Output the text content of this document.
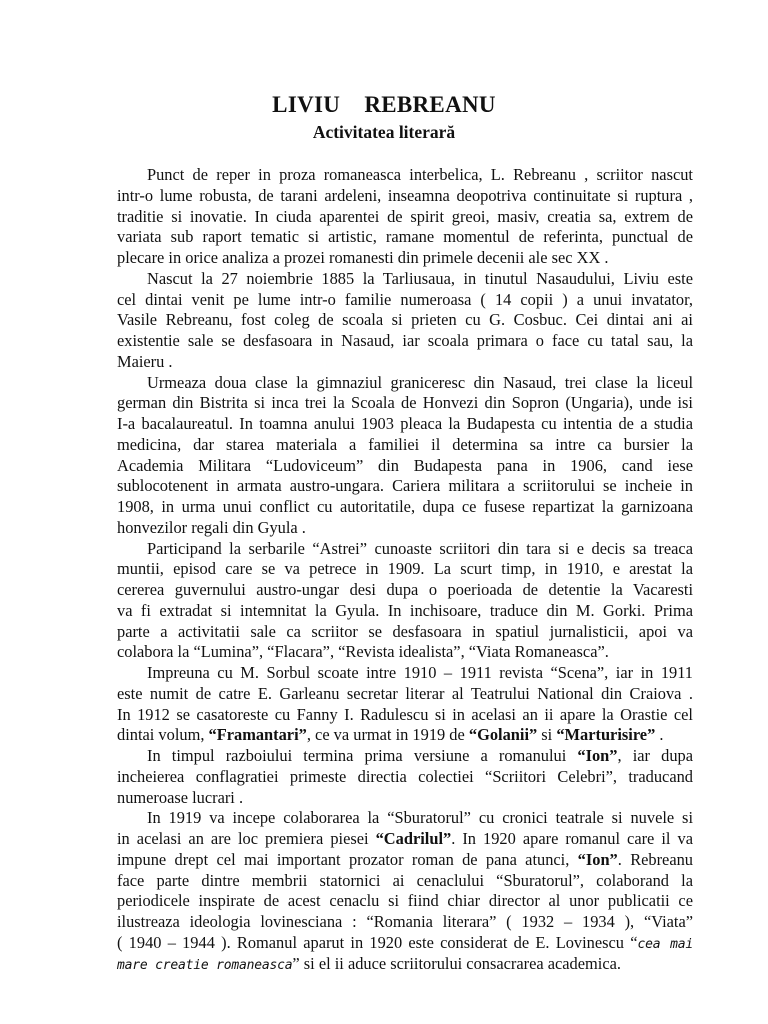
LIVIU    REBREANU
Activitatea literară
Punct de reper in proza romaneasca interbelica, L. Rebreanu , scriitor nascut
intr-o lume robusta, de tarani ardeleni, inseamna deopotriva continuitate si ruptura ,
traditie si inovatie. In ciuda aparentei de spirit greoi, masiv, creatia sa, extrem de
variata sub raport tematic si artistic, ramane momentul de referinta, punctual de
plecare in orice analiza a prozei romanesti din primele decenii ale sec XX .
Nascut la 27 noiembrie 1885 la Tarliusaua, in tinutul Nasaudului, Liviu este
cel dintai venit pe lume intr-o familie numeroasa ( 14 copii ) a unui invatator,
Vasile Rebreanu, fost coleg de scoala si prieten cu G. Cosbuc. Cei dintai ani ai
existentie sale se desfasoara in Nasaud, iar scoala primara o face cu tatal sau, la
Maieru .
Urmeaza doua clase la gimnaziul graniceresc din Nasaud, trei clase la liceul
german din Bistrita si inca trei la Scoala de Honvezi din Sopron (Ungaria), unde isi
I-a bacalaureatul. In toamna anului 1903 pleaca la Budapesta cu intentia de a studia
medicina, dar starea materiala a familiei il determina sa intre ca bursier la
Academia Militara “Ludoviceum” din Budapesta pana in 1906, cand iese
sublocotenent in armata austro-ungara. Cariera militara a scriitorului se incheie in
1908, in urma unui conflict cu autoritatile, dupa ce fusese repartizat la garnizoana
honvezilor regali din Gyula .
Participand la serbarile “Astrei” cunoaste scriitori din tara si e decis sa treaca
muntii, episod care se va petrece in 1909. La scurt timp, in 1910, e arestat la
cererea guvernului austro-ungar desi dupa o poerioada de detentie la Vacaresti
va fi extradat si intemnitat la Gyula. In inchisoare, traduce din M. Gorki. Prima
parte a activitatii sale ca scriitor se desfasoara in spatiul jurnalisticii, apoi va
colabora la “Lumina”, “Flacara”, “Revista idealista”, “Viata Romaneasca”.
Impreuna cu M. Sorbul scoate intre 1910 – 1911 revista “Scena”, iar in 1911
este numit de catre E. Garleanu secretar literar al Teatrului National din Craiova .
In 1912 se casatoreste cu Fanny I. Radulescu si in acelasi an ii apare la Orastie cel
dintai volum, “Framantari”, ce va urmat in 1919 de “Golanii” si “Marturisire” .
In timpul razboiului termina prima versiune a romanului “Ion”, iar dupa
incheierea conflagratiei primeste directia colectiei “Scriitori Celebri”, traducand
numeroase lucrari .
In 1919 va incepe colaborarea la “Sburatorul” cu cronici teatrale si nuvele si
in acelasi an are loc premiera piesei “Cadrilul”. In 1920 apare romanul care il va
impune drept cel mai important prozator roman de pana atunci, “Ion”. Rebreanu
face parte dintre membrii statornici ai cenaclului “Sburatorul”, colaborand la
periodicele inspirate de acest cenaclu si fiind chiar director al unor publicatii ce
ilustreaza ideologia lovinesciana : “Romania literara” ( 1932 – 1934 ), “Viata”
( 1940 – 1944 ). Romanul aparut in 1920 este considerat de E. Lovinescu “cea mai
mare creatie romaneasca” si el ii aduce scriitorului consacrarea academica.
